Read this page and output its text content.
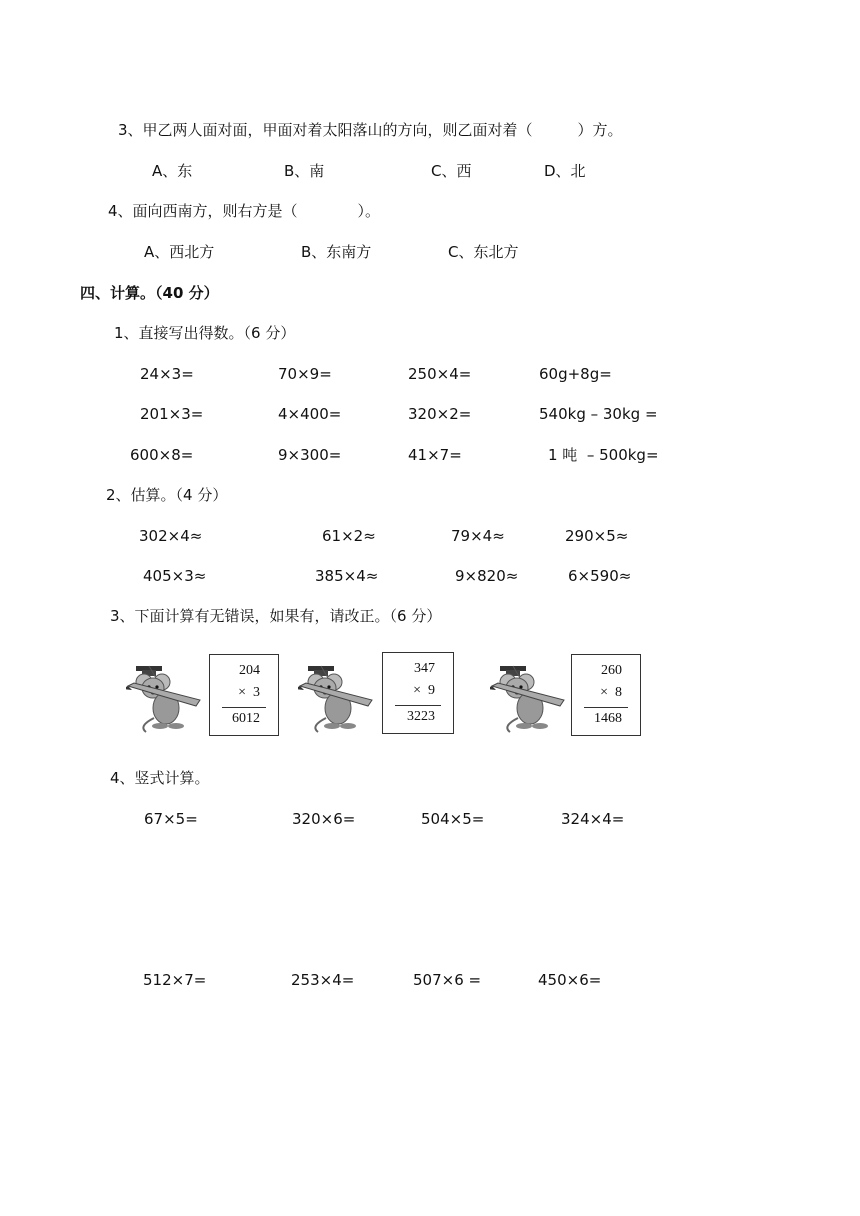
3、甲乙两人面对面，甲面对着太阳落山的方向，则乙面对着（　　　）方。
A、东	B、南	C、西	D、北
4、面向西南方，则右方是（　　　　）。
A、西北方	B、东南方	C、东北方
四、计算。（40 分）
1、直接写出得数。（6 分）
24×3=	70×9=	250×4=	60g+8g=
201×3=	4×400=	320×2=	540kg – 30kg =
600×8=	9×300=	41×7=	1 吨  – 500kg=
2、估算。（4 分）
302×4≈	61×2≈	79×4≈	290×5≈
405×3≈	385×4≈	9×820≈	6×590≈
3、下面计算有无错误，如果有，请改正。（6 分）
204
×  3
6012
347
×  9
3223
260
×  8
1468
4、竖式计算。
67×5=	320×6=	504×5=	324×4=
512×7=	253×4=	507×6 =	450×6=
